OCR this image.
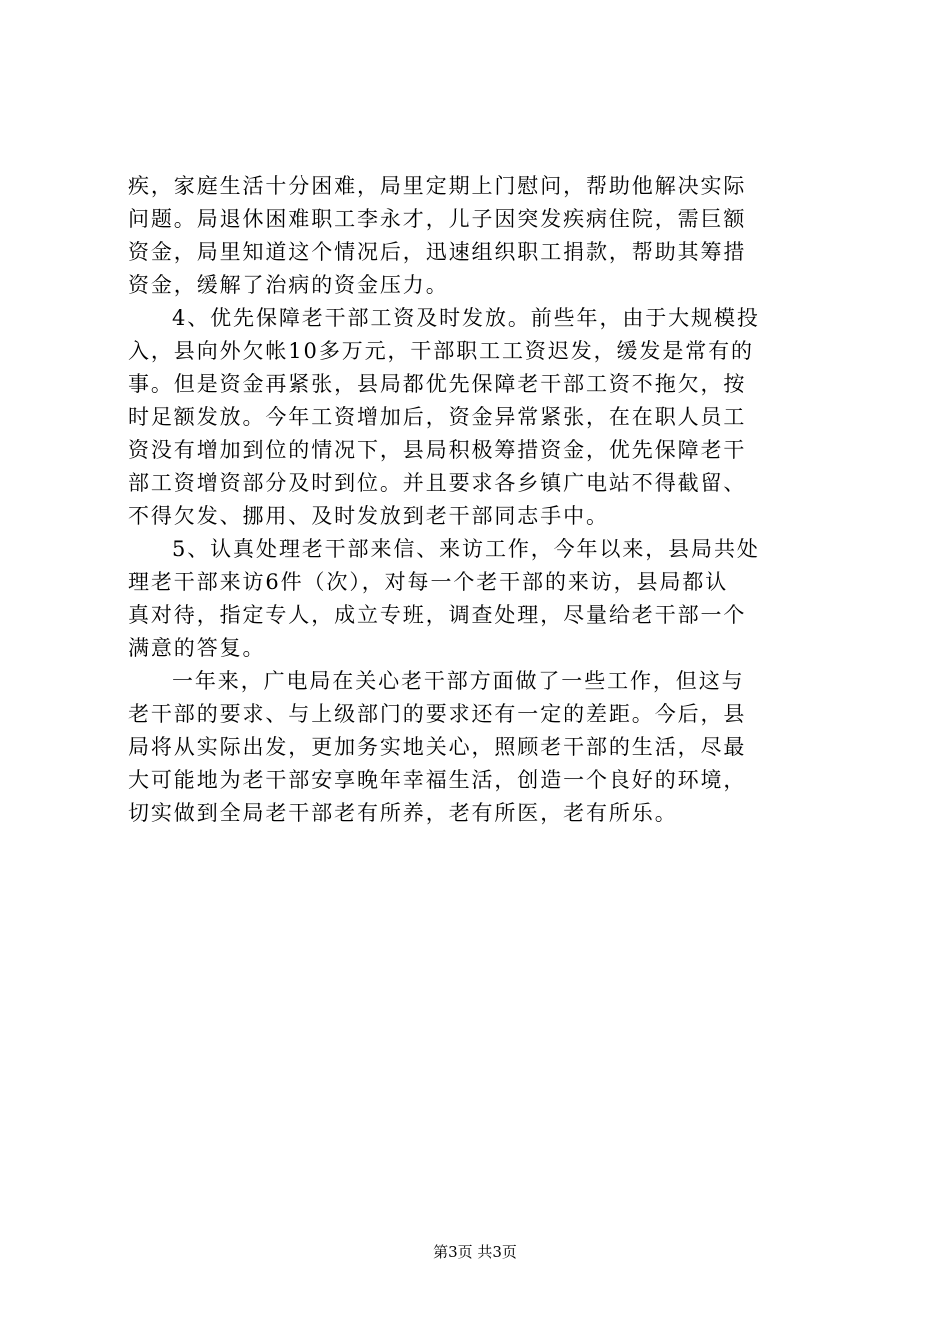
疾，家庭生活十分困难，局里定期上门慰问，帮助他解决实际
问题。局退休困难职工李永才，儿子因突发疾病住院，需巨额
资金，局里知道这个情况后，迅速组织职工捐款，帮助其筹措
资金，缓解了治病的资金压力。
4、优先保障老干部工资及时发放。前些年，由于大规模投
入，县向外欠帐10多万元，干部职工工资迟发，缓发是常有的
事。但是资金再紧张，县局都优先保障老干部工资不拖欠，按
时足额发放。今年工资增加后，资金异常紧张，在在职人员工
资没有增加到位的情况下，县局积极筹措资金，优先保障老干
部工资增资部分及时到位。并且要求各乡镇广电站不得截留、
不得欠发、挪用、及时发放到老干部同志手中。
5、认真处理老干部来信、来访工作，今年以来，县局共处
理老干部来访6件（次），对每一个老干部的来访，县局都认
真对待，指定专人，成立专班，调查处理，尽量给老干部一个
满意的答复。
一年来，广电局在关心老干部方面做了一些工作，但这与
老干部的要求、与上级部门的要求还有一定的差距。今后，县
局将从实际出发，更加务实地关心，照顾老干部的生活，尽最
大可能地为老干部安享晚年幸福生活，创造一个良好的环境，
切实做到全局老干部老有所养，老有所医，老有所乐。
第3页 共3页
